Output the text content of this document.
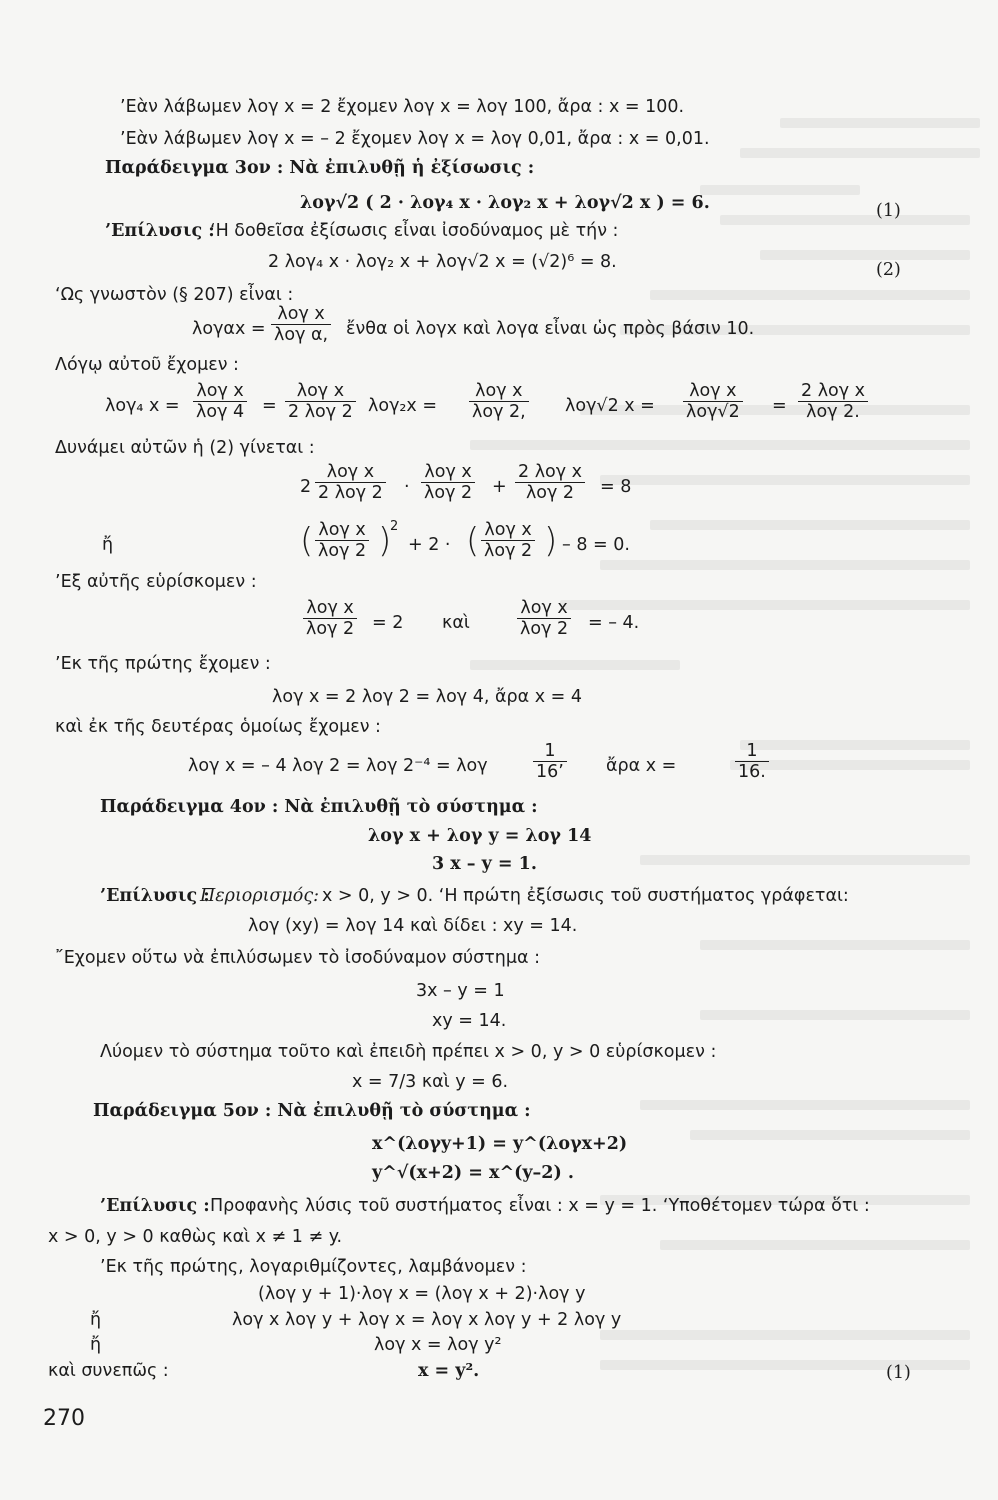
’Εὰν λάβωμεν λογ x = 2 ἔχομεν λογ x = λογ 100, ἄρα : x = 100.
’Εὰν λάβωμεν λογ x = – 2 ἔχομεν λογ x = λογ 0,01, ἄρα : x = 0,01.
Παράδειγμα 3ον : Νὰ ἐπιλυθῇ ἡ ἐξίσωσις :
λογ√2 ( 2 · λογ₄ x · λογ₂ x + λογ√2 x ) = 6.	(1)
’Επίλυσις :
‘Η δοθεῖσα ἐξίσωσις εἶναι ἰσοδύναμος μὲ τήν :
2 λογ₄ x · λογ₂ x + λογ√2 x = (√2)⁶ = 8.	(2)
‘Ως γνωστὸν (§ 207) εἶναι :
λογαx =
λογ x
λογ α, ἔνθα οἱ λογx καὶ λογα εἶναι ὡς πρὸς βάσιν 10.
Λόγῳ αὐτοῦ ἔχομεν :
λογ₄ x =
λογ x
λογ 4 =
λογ x
2 λογ 2 λογ₂x =
λογ x
λογ 2, λογ√2 x =
λογ x
λογ√2 =
2 λογ x
λογ 2.
Δυνάμει αὐτῶν ἡ (2) γίνεται :
2
λογ x
2 λογ 2 ·
λογ x
λογ 2 +
2 λογ x
λογ 2	= 8
ἤ	( λογ x
λογ 2 )
2
+ 2 · ( λογ x
λογ 2 ) – 8 = 0.
’Εξ αὐτῆς εὑρίσκομεν :
λογ x
λογ 2 = 2 καὶ
λογ x
λογ 2 = – 4.
’Εκ τῆς πρώτης ἔχομεν :
λογ x = 2 λογ 2 = λογ 4, ἄρα x = 4
καὶ ἐκ τῆς δευτέρας ὁμοίως ἔχομεν :
λογ x = – 4 λογ 2 = λογ 2⁻⁴ = λογ	$\frac{1}{16’}$ ἄρα x =	$\frac{1}{16.}$
Παράδειγμα 4ον : Νὰ ἐπιλυθῇ τὸ σύστημα :
λογ x + λογ y = λογ 14
3 x – y = 1.
’Επίλυσις :
Περιορισμός: x > 0, y > 0. ‘Η πρώτη ἐξίσωσις τοῦ συστήματος γράφεται:
λογ (xy) = λογ 14 καὶ δίδει : xy = 14.
῎Εχομεν οὕτω νὰ ἐπιλύσωμεν τὸ ἰσοδύναμον σύστημα :
3x – y = 1
xy = 14.
Λύομεν τὸ σύστημα τοῦτο καὶ ἐπειδὴ πρέπει x > 0, y > 0 εὑρίσκομεν :
x = 7/3 καὶ y = 6.
Παράδειγμα 5ον : Νὰ ἐπιλυθῇ τὸ σύστημα :
x^(λογy+1) = y^(λογx+2)
y^√(x+2) = x^(y–2) .
’Επίλυσις : Προφανὴς λύσις τοῦ συστήματος εἶναι : x = y = 1. ‘Υποθέτομεν τώρα ὅτι :
x > 0, y > 0 καθὼς καὶ x ≠ 1 ≠ y.
’Εκ τῆς πρώτης, λογαριθμίζοντες, λαμβάνομεν :
(λογ y + 1)·λογ x = (λογ x + 2)·λογ y
ἤ	λογ x λογ y + λογ x = λογ x λογ y + 2 λογ y
ἤ	λογ x = λογ y²
καὶ συνεπῶς :	x = y².	(1)
270
